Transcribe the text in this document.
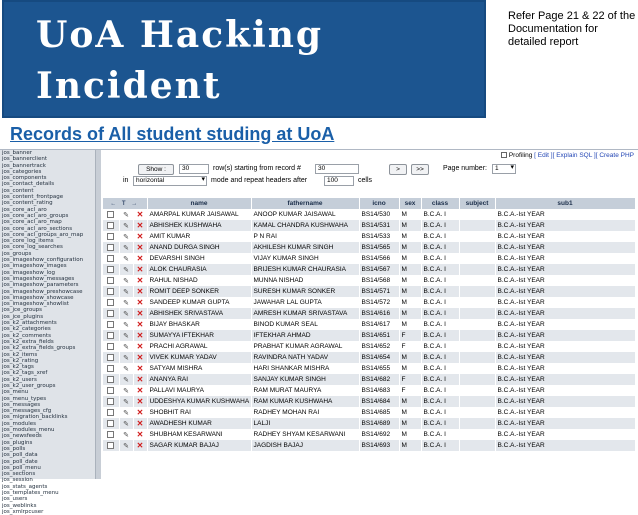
UoA Hacking
Incident
Refer Page 21 & 22 of the Documentation for detailed report
Records of All student studing at UoA
jos_banner
jos_bannerclient
jos_bannertrack
jos_categories
jos_components
jos_contact_details
jos_content
jos_content_frontpage
jos_content_rating
jos_core_acl_aro
jos_core_acl_aro_groups
jos_core_acl_aro_map
jos_core_acl_aro_sections
jos_core_acl_groups_aro_map
jos_core_log_items
jos_core_log_searches
jos_groups
jos_imageshow_configuration
jos_imageshow_images
jos_imageshow_log
jos_imageshow_messages
jos_imageshow_parameters
jos_imageshow_preshowcase
jos_imageshow_showcase
jos_imageshow_showlist
jos_jce_groups
jos_jce_plugins
jos_k2_attachments
jos_k2_categories
jos_k2_comments
jos_k2_extra_fields
jos_k2_extra_fields_groups
jos_k2_items
jos_k2_rating
jos_k2_tags
jos_k2_tags_xref
jos_k2_users
jos_k2_user_groups
jos_menu
jos_menu_types
jos_messages
jos_messages_cfg
jos_migration_backlinks
jos_modules
jos_modules_menu
jos_newsfeeds
jos_plugins
jos_polls
jos_poll_data
jos_poll_date
jos_poll_menu
jos_sections
jos_session
jos_stats_agents
jos_templates_menu
jos_users
jos_weblinks
jos_xmlrpcuser
Profiling [ Edit ][ Explain SQL ][ Create PHP
Show :	30	row(s) starting from record #	30	>	>>	Page number:	1 ▾
in	horizontal ▾	mode and repeat headers after	100	cells
← T →			name	fathername	icno	sex	class	subject	sub1
	✎	✕	AMARPAL KUMAR JAISAWAL	ANOOP KUMAR JAISAWAL	BS14/530	M	B.C.A. I		B.C.A.-Ist YEAR
	✎	✕	ABHISHEK KUSHWAHA	KAMAL CHANDRA KUSHWAHA	BS14/531	M	B.C.A. I		B.C.A.-Ist YEAR
	✎	✕	AMIT KUMAR	P N RAI	BS14/533	M	B.C.A. I		B.C.A.-Ist YEAR
	✎	✕	ANAND DURGA SINGH	AKHILESH KUMAR SINGH	BS14/565	M	B.C.A. I		B.C.A.-Ist YEAR
	✎	✕	DEVARSHI SINGH	VIJAY KUMAR SINGH	BS14/566	M	B.C.A. I		B.C.A.-Ist YEAR
	✎	✕	ALOK CHAURASIA	BRIJESH KUMAR CHAURASIA	BS14/567	M	B.C.A. I		B.C.A.-Ist YEAR
	✎	✕	RAHUL NISHAD	MUNNA NISHAD	BS14/568	M	B.C.A. I		B.C.A.-Ist YEAR
	✎	✕	ROMIT DEEP SONKER	SURESH KUMAR SONKER	BS14/571	M	B.C.A. I		B.C.A.-Ist YEAR
	✎	✕	SANDEEP KUMAR GUPTA	JAWAHAR LAL GUPTA	BS14/572	M	B.C.A. I		B.C.A.-Ist YEAR
	✎	✕	ABHISHEK SRIVASTAVA	AMRESH KUMAR SRIVASTAVA	BS14/616	M	B.C.A. I		B.C.A.-Ist YEAR
	✎	✕	BIJAY BHASKAR	BINOD KUMAR SEAL	BS14/617	M	B.C.A. I		B.C.A.-Ist YEAR
	✎	✕	SUMAYYA IFTEKHAR	IFTEKHAR AHMAD	BS14/651	F	B.C.A. I		B.C.A.-Ist YEAR
	✎	✕	PRACHI AGRAWAL	PRABHAT KUMAR AGRAWAL	BS14/652	F	B.C.A. I		B.C.A.-Ist YEAR
	✎	✕	VIVEK KUMAR YADAV	RAVINDRA NATH YADAV	BS14/654	M	B.C.A. I		B.C.A.-Ist YEAR
	✎	✕	SATYAM MISHRA	HARI SHANKAR MISHRA	BS14/655	M	B.C.A. I		B.C.A.-Ist YEAR
	✎	✕	ANANYA RAI	SANJAY KUMAR SINGH	BS14/682	F	B.C.A. I		B.C.A.-Ist YEAR
	✎	✕	PALLAVI MAURYA	RAM MURAT MAURYA	BS14/683	F	B.C.A. I		B.C.A.-Ist YEAR
	✎	✕	UDDESHYA KUMAR KUSHWAHA	RAM KUMAR KUSHWAHA	BS14/684	M	B.C.A. I		B.C.A.-Ist YEAR
	✎	✕	SHOBHIT RAI	RADHEY MOHAN RAI	BS14/685	M	B.C.A. I		B.C.A.-Ist YEAR
	✎	✕	AWADHESH KUMAR	LALJI	BS14/689	M	B.C.A. I		B.C.A.-Ist YEAR
	✎	✕	SHUBHAM KESARWANI	RADHEY SHYAM KESARWANI	BS14/692	M	B.C.A. I		B.C.A.-Ist YEAR
	✎	✕	SAGAR KUMAR BAJAJ	JAGDISH BAJAJ	BS14/693	M	B.C.A. I		B.C.A.-Ist YEAR
